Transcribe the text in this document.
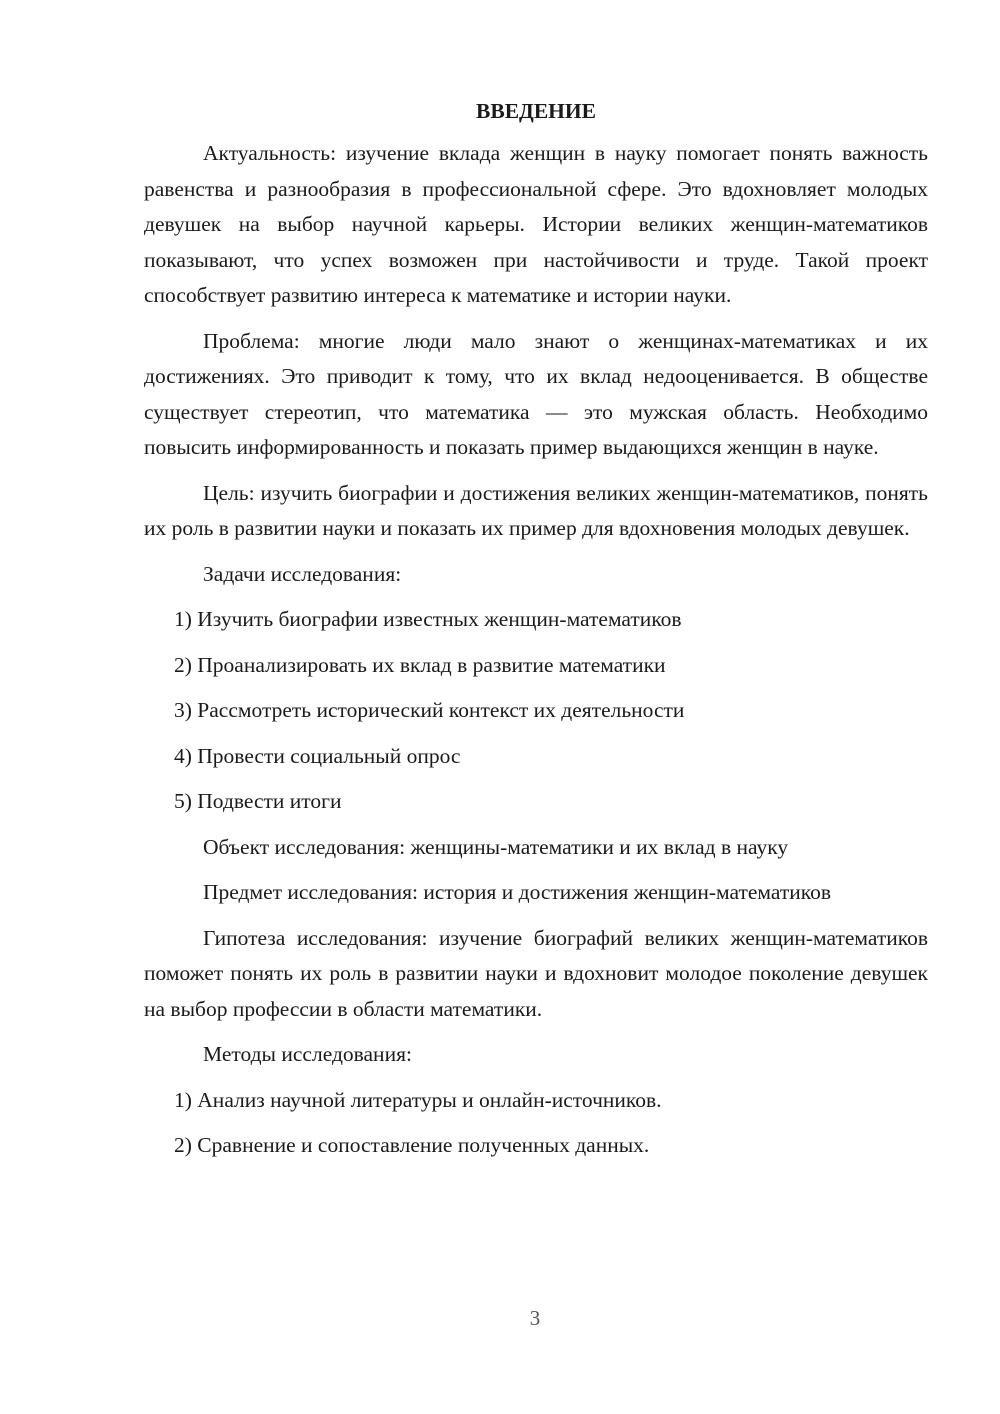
ВВЕДЕНИЕ

Актуальность: изучение вклада женщин в науку помогает понять важность равенства и разнообразия в профессиональной сфере. Это вдохновляет молодых девушек на выбор научной карьеры. Истории великих женщин-математиков показывают, что успех возможен при настойчивости и труде. Такой проект способствует развитию интереса к математике и истории науки.

Проблема: многие люди мало знают о женщинах-математиках и их достижениях. Это приводит к тому, что их вклад недооценивается. В обществе существует стереотип, что математика — это мужская область. Необходимо повысить информированность и показать пример выдающихся женщин в науке.

Цель: изучить биографии и достижения великих женщин-математиков, понять их роль в развитии науки и показать их пример для вдохновения молодых девушек.

Задачи исследования:

1) Изучить биографии известных женщин-математиков

2) Проанализировать их вклад в развитие математики

3) Рассмотреть исторический контекст их деятельности

4) Провести социальный опрос

5) Подвести итоги

Объект исследования: женщины-математики и их вклад в науку

Предмет исследования: история и достижения женщин-математиков

Гипотеза исследования: изучение биографий великих женщин-математиков поможет понять их роль в развитии науки и вдохновит молодое поколение девушек на выбор профессии в области математики.

Методы исследования:

1) Анализ научной литературы и онлайн-источников.

2) Сравнение и сопоставление полученных данных.

3
